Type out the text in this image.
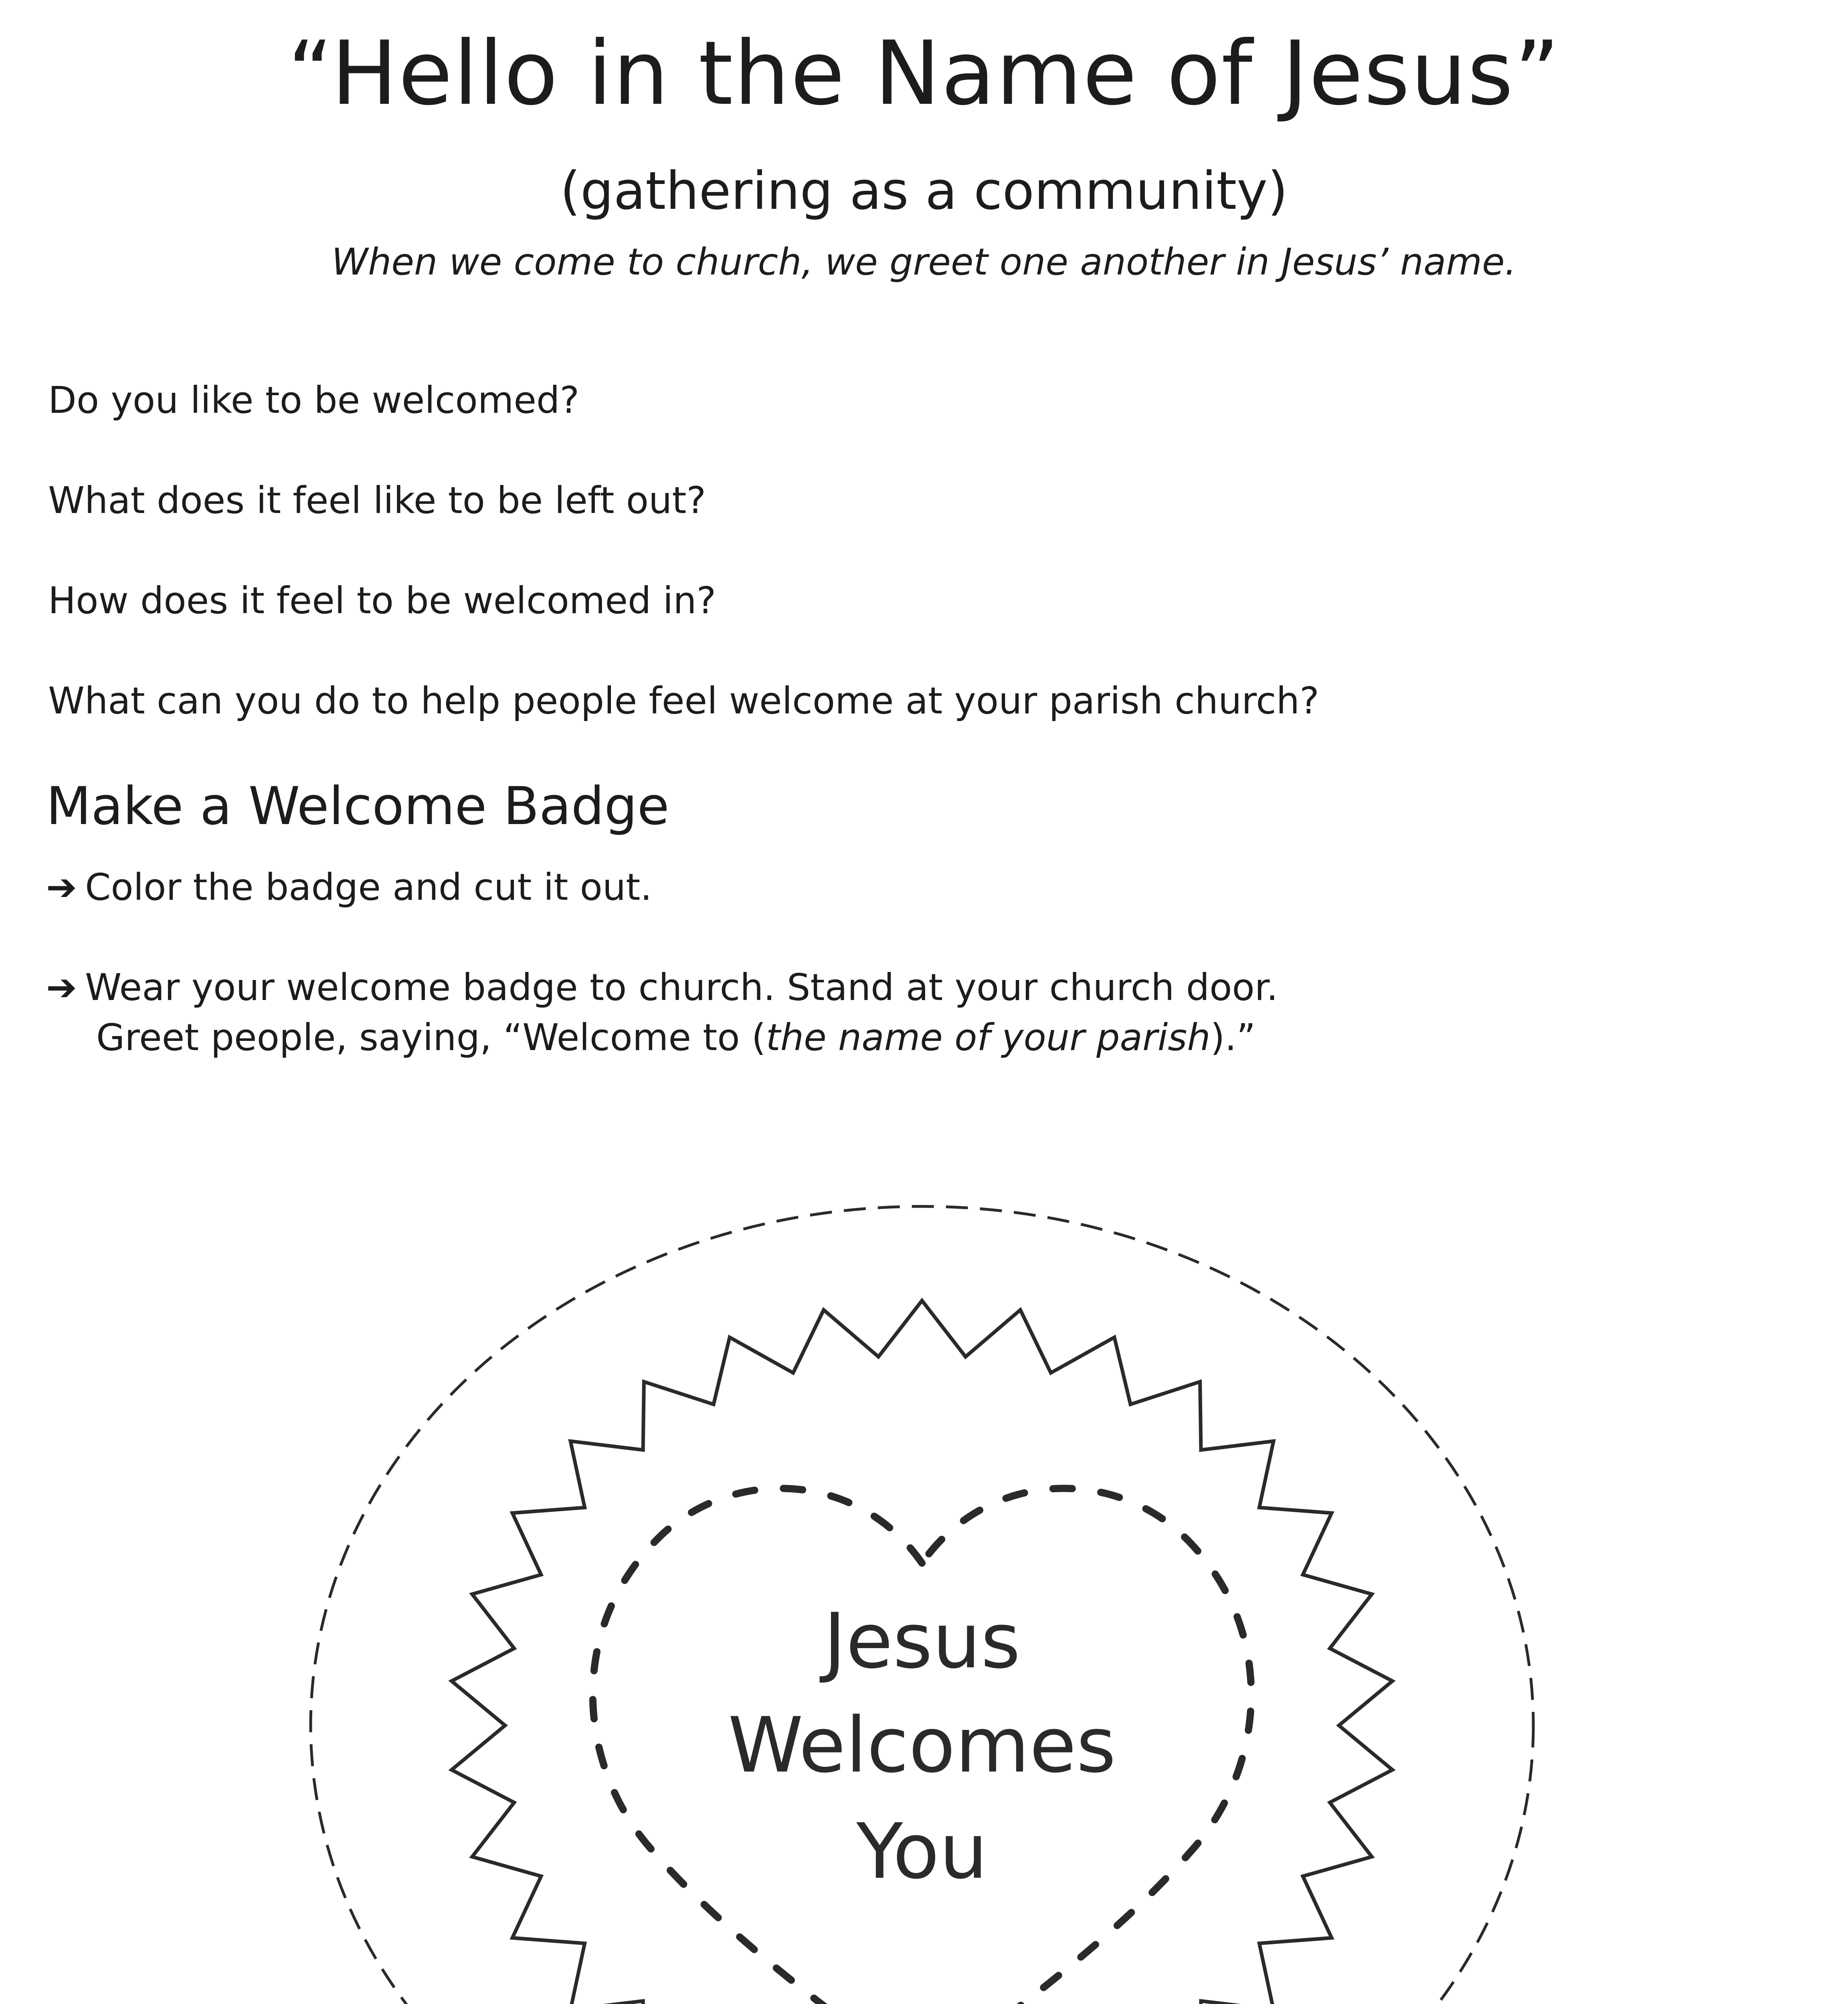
“Hello in the Name of Jesus”
(gathering as a community)
When we come to church, we greet one another in Jesus’ name.
Do you like to be welcomed?
What does it feel like to be left out?
How does it feel to be welcomed in?
What can you do to help people feel welcome at your parish church?
Make a Welcome Badge
➔ Color the badge and cut it out.
➔ Wear your welcome badge to church. Stand at your church door.
Greet people, saying, “Welcome to (the name of your parish).”
Jesus
Welcomes
You
